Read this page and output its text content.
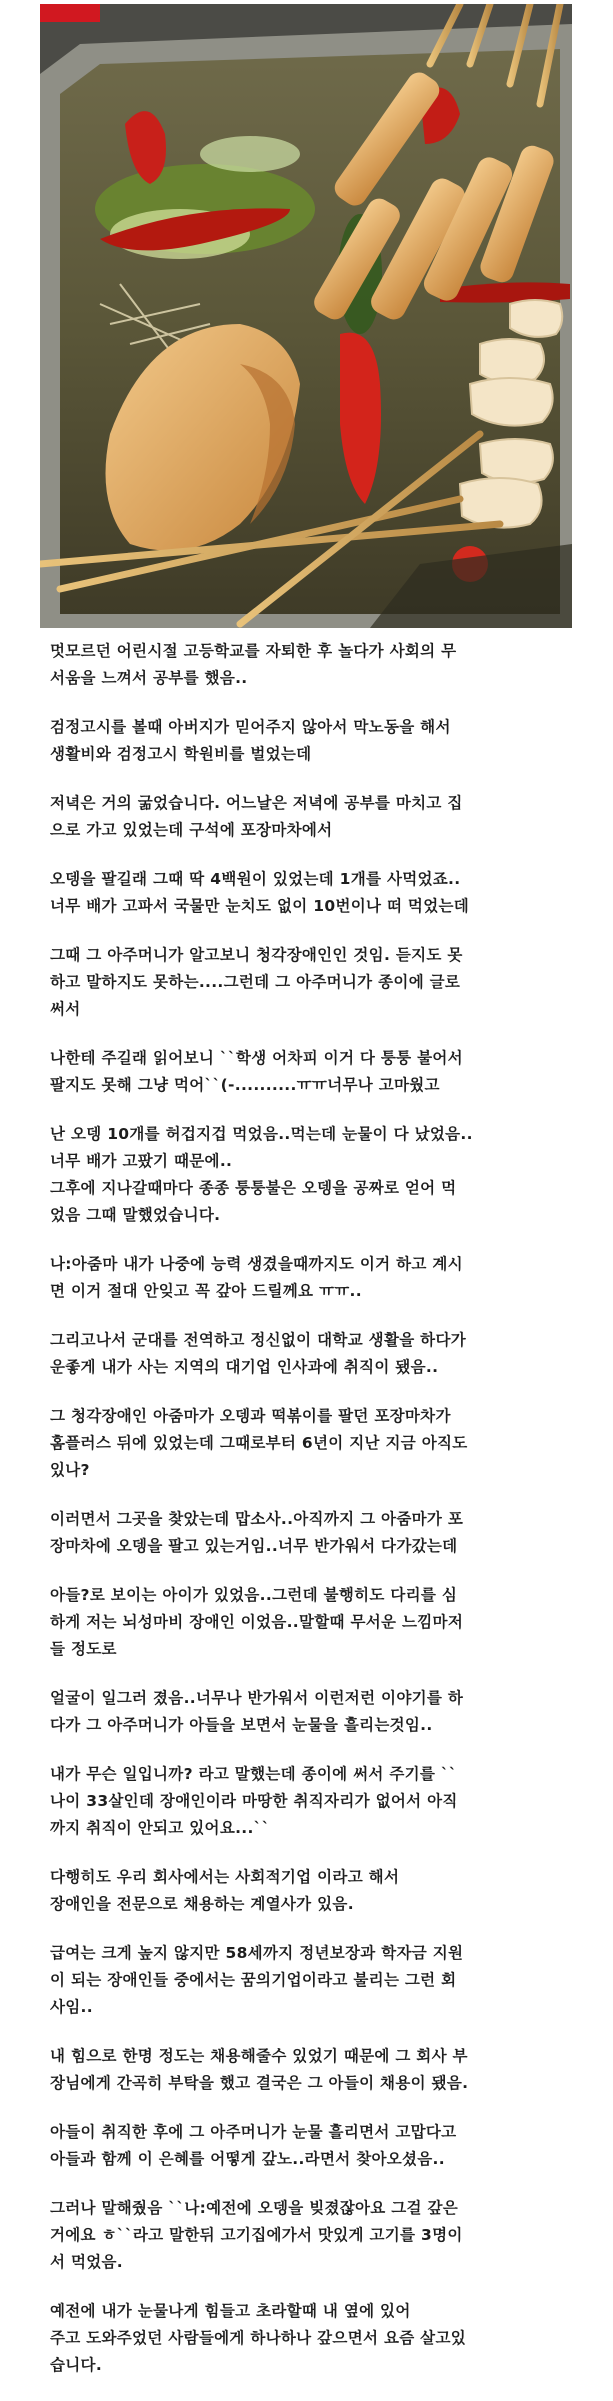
멋모르던 어린시절 고등학교를 자퇴한 후 놀다가 사회의 무
서움을 느껴서 공부를 했음..

검정고시를 볼때 아버지가 믿어주지 않아서 막노동을 해서
생활비와 검정고시 학원비를 벌었는데

저녁은 거의 굶었습니다. 어느날은 저녁에 공부를 마치고 집
으로 가고 있었는데 구석에 포장마차에서

오뎅을 팔길래 그때 딱 4백원이 있었는데 1개를 사먹었죠..
너무 배가 고파서 국물만 눈치도 없이 10번이나 떠 먹었는데

그때 그 아주머니가 알고보니 청각장애인인 것임. 듣지도 못
하고 말하지도 못하는....그런데 그 아주머니가 종이에 글로
써서

나한테 주길래 읽어보니 ``학생 어차피 이거 다 퉁퉁 불어서
팔지도 못해 그냥 먹어``(-..........ㅠㅠ너무나 고마웠고

난 오뎅 10개를 허겁지겁 먹었음..먹는데 눈물이 다 났었음..
너무 배가 고팠기 때문에..
그후에 지나갈때마다 종종 퉁퉁불은 오뎅을 공짜로 얻어 먹
었음 그때 말했었습니다.

나:아줌마 내가 나중에 능력 생겼을때까지도 이거 하고 계시
면 이거 절대 안잊고 꼭 갚아 드릴께요 ㅠㅠ..

그리고나서 군대를 전역하고 정신없이 대학교 생활을 하다가
운좋게 내가 사는 지역의 대기업 인사과에 취직이 됐음..

그 청각장애인 아줌마가 오뎅과 떡볶이를 팔던 포장마차가
홈플러스 뒤에 있었는데 그때로부터 6년이 지난 지금 아직도
있나?

이러면서 그곳을 찾았는데 맙소사..아직까지 그 아줌마가 포
장마차에 오뎅을 팔고 있는거임..너무 반가워서 다가갔는데

아들?로 보이는 아이가 있었음..그런데 불행히도 다리를 심
하게 저는 뇌성마비 장애인 이었음..말할때 무서운 느낌마저
들 정도로

얼굴이 일그러 졌음..너무나 반가워서 이런저런 이야기를 하
다가 그 아주머니가 아들을 보면서 눈물을 흘리는것임..

내가 무슨 일입니까? 라고 말했는데 종이에 써서 주기를 ``
나이 33살인데 장애인이라 마땅한 취직자리가 없어서 아직
까지 취직이 안되고 있어요...``

다행히도 우리 회사에서는 사회적기업 이라고 해서
장애인을 전문으로 채용하는 계열사가 있음.

급여는 크게 높지 않지만 58세까지 정년보장과 학자금 지원
이 되는 장애인들 중에서는 꿈의기업이라고 불리는 그런 회
사임..

내 힘으로 한명 정도는 채용해줄수 있었기 때문에 그 회사 부
장님에게 간곡히 부탁을 했고 결국은 그 아들이 채용이 됐음.

아들이 취직한 후에 그 아주머니가 눈물 흘리면서 고맙다고
아들과 함께 이 은혜를 어떻게 갚노..라면서 찾아오셨음..

그러나 말해줬음 ``나:예전에 오뎅을 빚졌잖아요 그걸 갚은
거에요 ㅎ``라고 말한뒤 고기집에가서 맛있게 고기를 3명이
서 먹었음.

예전에 내가 눈물나게 힘들고 초라할때 내 옆에 있어
주고 도와주었던 사람들에게 하나하나 갚으면서 요즘 살고있
습니다.
